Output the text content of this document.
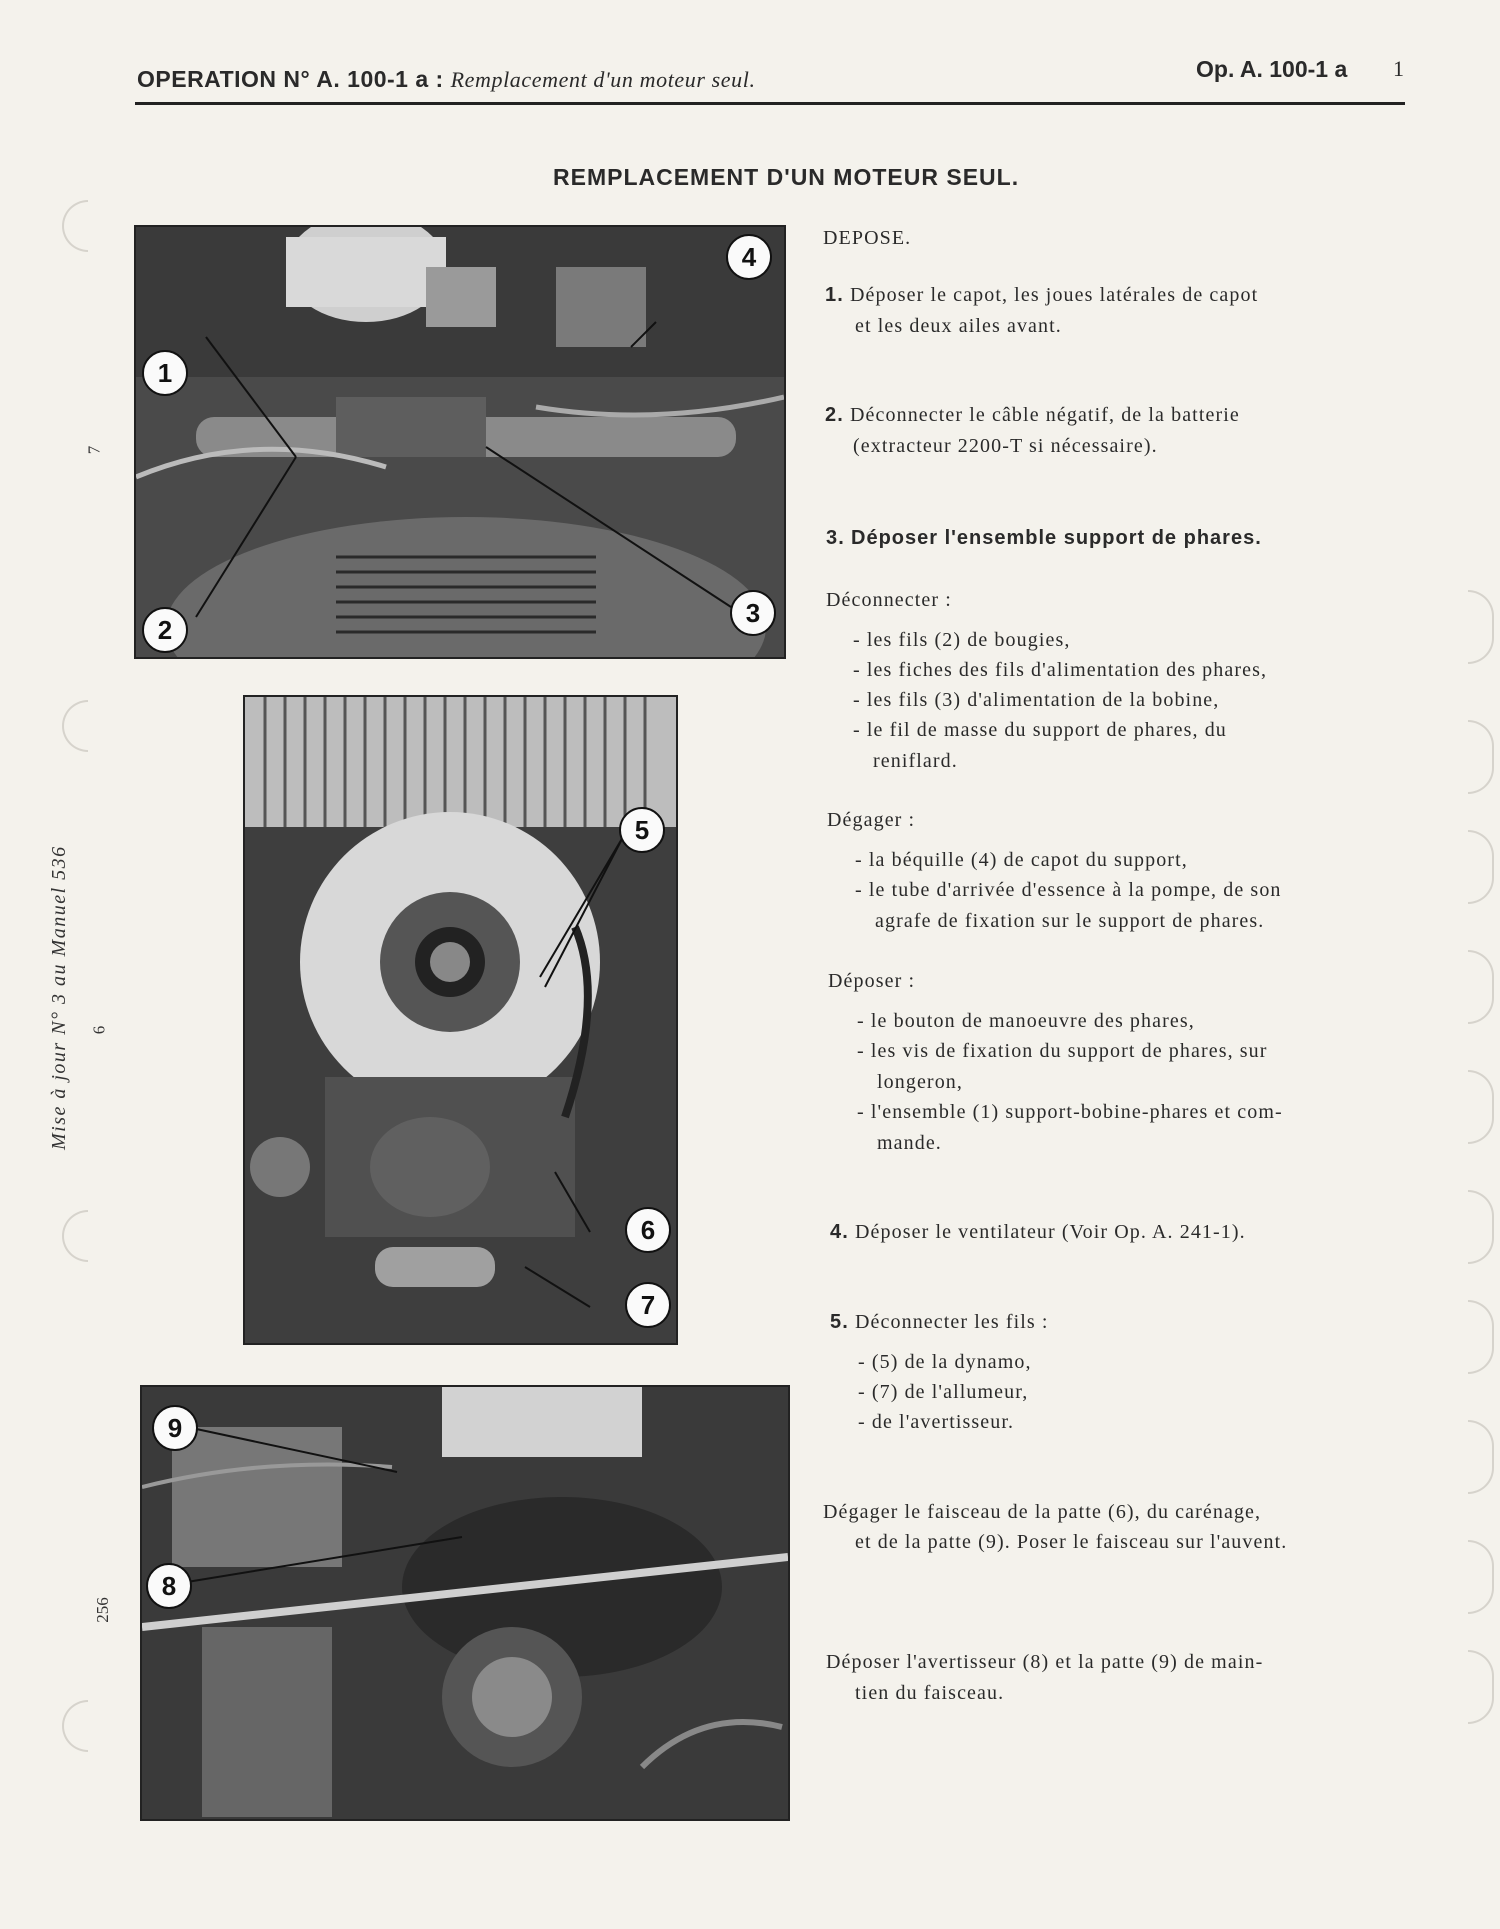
OPERATION N° A. 100-1 a : Remplacement d'un moteur seul.	Op. A. 100-1 a 1
REMPLACEMENT D'UN MOTEUR SEUL.
7
Mise à jour N° 3 au Manuel 536 6
256
1
2
3
4
5
6
7
9
8
DEPOSE.
1. Déposer le capot, les joues latérales de capot
et les deux ailes avant.
2. Déconnecter le câble négatif, de la batterie
(extracteur 2200-T si nécessaire).
3. Déposer l'ensemble support de phares.
Déconnecter :
- les fils (2) de bougies,
- les fiches des fils d'alimentation des phares,
- les fils (3) d'alimentation de la bobine,
- le fil de masse du support de phares, du
reniflard.
Dégager :
- la béquille (4) de capot du support,
- le tube d'arrivée d'essence à la pompe, de son
agrafe de fixation sur le support de phares.
Déposer :
- le bouton de manoeuvre des phares,
- les vis de fixation du support de phares, sur
longeron,
- l'ensemble (1) support-bobine-phares et com-
mande.
4. Déposer le ventilateur (Voir Op. A. 241-1).
5. Déconnecter les fils :
- (5) de la dynamo,
- (7) de l'allumeur,
- de l'avertisseur.
Dégager le faisceau de la patte (6), du carénage,
et de la patte (9). Poser le faisceau sur l'auvent.
Déposer l'avertisseur (8) et la patte (9) de main-
tien du faisceau.
